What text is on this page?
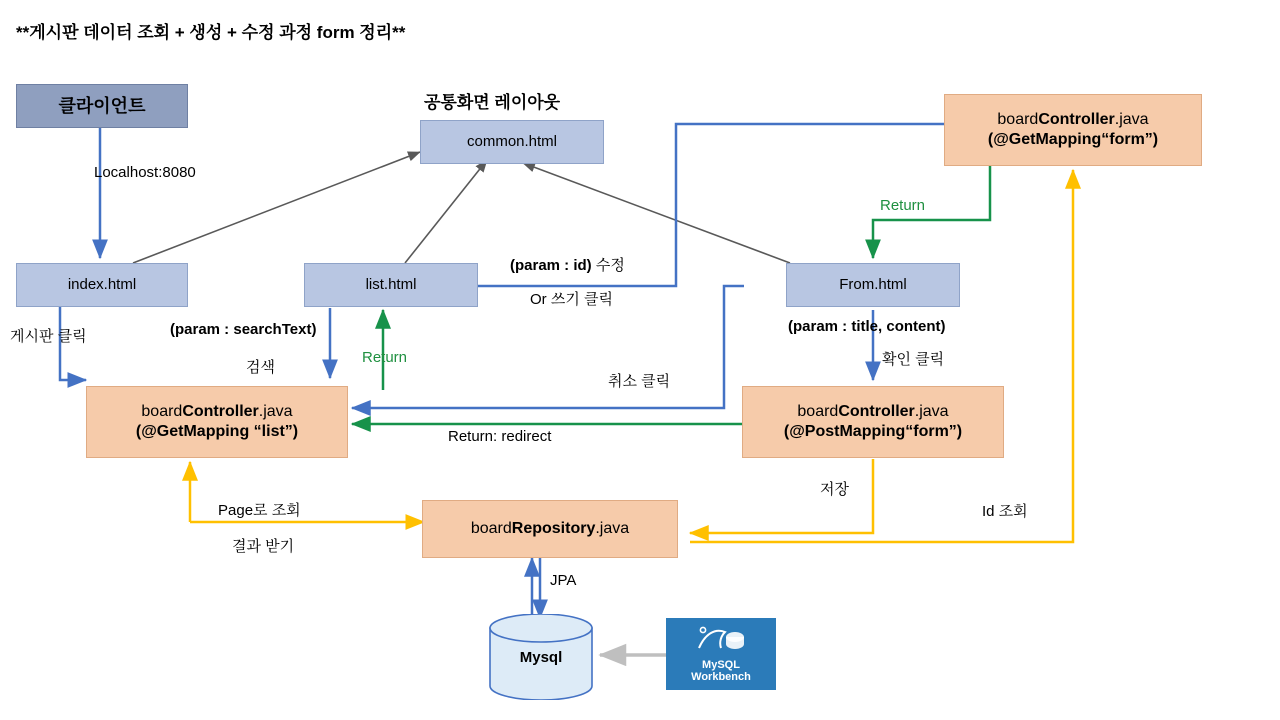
**게시판 데이터 조회 + 생성 + 수정 과정 form 정리**
클라이언트	공통화면 레이아웃
common.html
index.html	list.html	From.html
boardController.java
(@GetMapping“form”)
boardController.java
(@GetMapping “list”)
boardController.java
(@PostMapping“form”)
boardRepository.java
Mysql	MySQL
Workbench
Localhost:8080
게시판 클릭	(param : searchText)
검색
Return
(param : id) 수정
Or 쓰기 클릭
Return
(param : title, content)
확인 클릭
취소 클릭
Return: redirect
저장
Id 조회
Page로 조회
결과 받기
JPA
